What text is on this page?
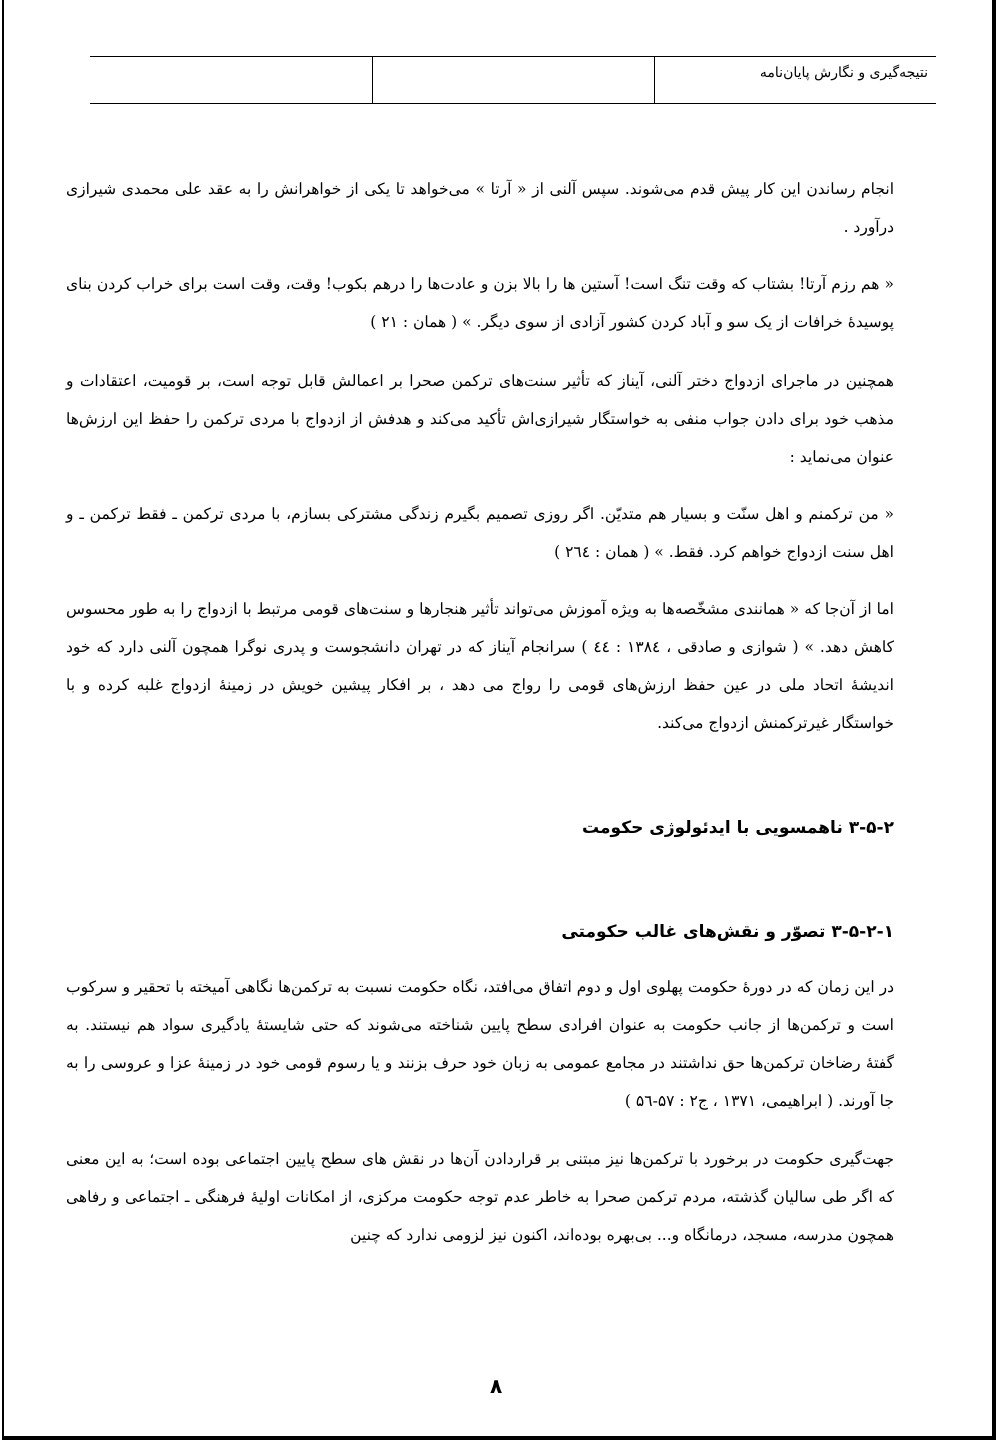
نتیجه‌گیری و نگارش پایان‌نامه		

انجام رساندن این کار پیش قدم می‌شوند. سپس آلنی از « آرتا » می‌خواهد تا یکی از خواهرانش را به عقد علی محمدی شیرازی درآورد .

« هم رزم آرتا! بشتاب که وقت تنگ است! آستین ها را بالا بزن و عادت‌ها را درهم بکوب! وقت، وقت است برای خراب کردن بنای پوسیدهٔ خرافات از یک سو و آباد کردن کشور آزادی از سوی دیگر. » ( همان : ۲۱ )

همچنین در ماجرای ازدواج دختر آلنی، آیناز که تأثیر سنت‌های ترکمن صحرا بر اعمالش قابل توجه است، بر قومیت، اعتقادات و مذهب خود برای دادن جواب منفی به خواستگار شیرازی‌اش تأکید می‌کند و هدفش از ازدواج با مردی ترکمن را حفظ این ارزش‌ها عنوان می‌نماید :

« من ترکمنم و اهل سنّت و بسیار هم متدیّن. اگر روزی تصمیم بگیرم زندگی مشترکی بسازم، با مردی ترکمن ـ فقط ترکمن ـ و اهل سنت ازدواج خواهم کرد. فقط. » ( همان : ۲٦٤ )

اما از آن‌جا که « همانندی مشخّصه‌ها به ویژه آموزش می‌تواند تأثیر هنجارها و سنت‌های قومی مرتبط با ازدواج را به طور محسوس کاهش دهد. » ( شوازی و صادقی ، ۱۳۸٤ : ٤٤ ) سرانجام آیناز که در تهران دانشجوست و پدری نوگرا همچون آلنی دارد که خود اندیشهٔ اتحاد ملی در عین حفظ ارزش‌های قومی را رواج می دهد ، بر افکار پیشین خویش در زمینهٔ ازدواج غلبه کرده و با خواستگار غیرترکمنش ازدواج می‌کند.

۳-۵-۲ ناهمسویی با ایدئولوژی حکومت
۳-۵-۲-۱ تصوّر و نقش‌های غالب حکومتی

در این زمان که در دورهٔ حکومت پهلوی اول و دوم اتفاق می‌افتد، نگاه حکومت نسبت به ترکمن‌ها نگاهی آمیخته با تحقیر و سرکوب است و ترکمن‌ها از جانب حکومت به عنوان افرادی سطح پایین شناخته می‌شوند که حتی شایستهٔ یادگیری سواد هم نیستند. به گفتهٔ رضاخان ترکمن‌ها حق نداشتند در مجامع عمومی به زبان خود حرف بزنند و یا رسوم قومی خود در زمینهٔ عزا و عروسی را به جا آورند. ( ابراهیمی، ۱۳۷۱ ، ج۲ : ۵۷-۵٦ )

جهت‌گیری حکومت در برخورد با ترکمن‌ها نیز مبتنی بر قراردادن آن‌ها در نقش های سطح پایین اجتماعی بوده است؛ به این معنی که اگر طی سالیان گذشته، مردم ترکمن صحرا به خاطر عدم توجه حکومت مرکزی، از امکانات اولیهٔ فرهنگی ـ اجتماعی و رفاهی همچون مدرسه، مسجد، درمانگاه و... بی‌بهره بوده‌اند، اکنون نیز لزومی ندارد که چنین

۸
